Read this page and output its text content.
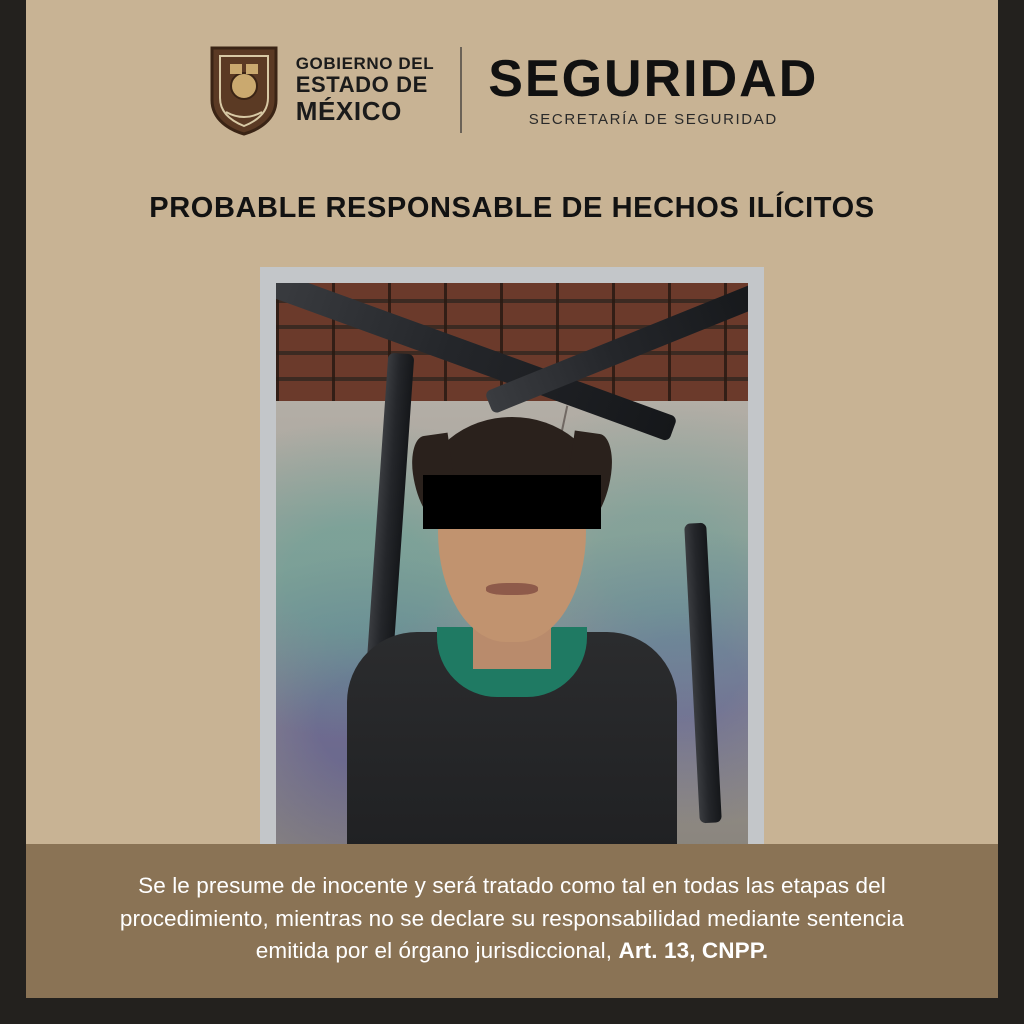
GOBIERNO DEL
ESTADO DE
MÉXICO
SEGURIDAD
SECRETARÍA DE SEGURIDAD
PROBABLE RESPONSABLE DE HECHOS ILÍCITOS

Se le presume de inocente y será tratado como tal en todas las etapas del procedimiento, mientras no se declare su responsabilidad mediante sentencia emitida por el órgano jurisdiccional, Art. 13, CNPP.
